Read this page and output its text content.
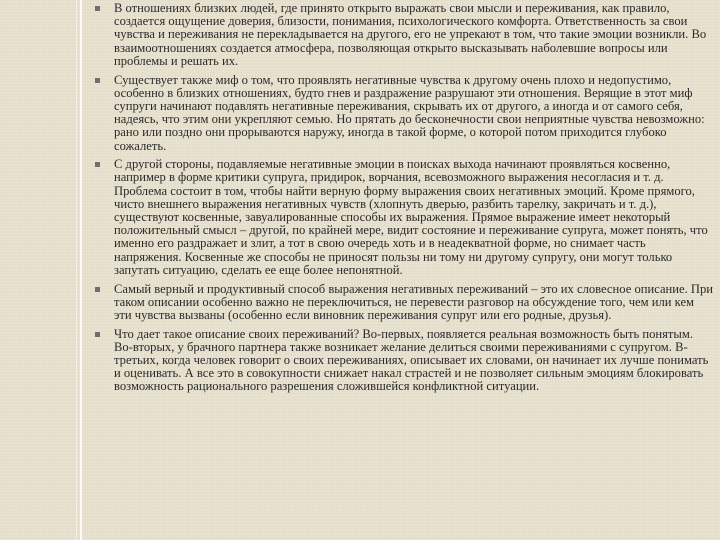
В отношениях близких людей, где принято открыто выражать свои мысли и переживания, как правило, создается ощущение доверия, близости, понимания, психологического комфорта. Ответственность за свои чувства и переживания не перекладывается на другого, его не упрекают в том, что такие эмоции возникли. Во взаимоотношениях создается атмосфера, позволяющая открыто высказывать наболевшие вопросы или проблемы и решать их.
Существует также миф о том, что проявлять негативные чувства к другому очень плохо и недопустимо, особенно в близких отношениях, будто гнев и раздражение разрушают эти отношения. Верящие в этот миф супруги начинают подавлять негативные переживания, скрывать их от другого, а иногда и от самого себя, надеясь, что этим они укрепляют семью. Но прятать до бесконечности свои неприятные чувства невозможно: рано или поздно они прорываются наружу, иногда в такой форме, о которой потом приходится глубоко сожалеть.
С другой стороны, подавляемые негативные эмоции в поисках выхода начинают проявляться косвенно, например в форме критики супруга, придирок, ворчания, всевозможного выражения несогласия и т. д. Проблема состоит в том, чтобы найти верную форму выражения своих негативных эмоций. Кроме прямого, чисто внешнего выражения негативных чувств (хлопнуть дверью, разбить тарелку, закричать и т. д.), существуют косвенные, завуалированные способы их выражения. Прямое выражение имеет некоторый положительный смысл – другой, по крайней мере, видит состояние и переживание супруга, может понять, что именно его раздражает и злит, а тот в свою очередь хоть и в неадекватной форме, но снимает часть напряжения. Косвенные же способы не приносят пользы ни тому ни другому супругу, они могут только запутать ситуацию, сделать ее еще более непонятной.
Самый верный и продуктивный способ выражения негативных переживаний – это их словесное описание. При таком описании особенно важно не переключиться, не перевести разговор на обсуждение того, чем или кем эти чувства вызваны (особенно если виновник переживания супруг или его родные, друзья).
Что дает такое описание своих переживаний? Во-первых, появляется реальная возможность быть понятым. Во-вторых, у брачного партнера также возникает желание делиться своими переживаниями с супругом. В-третьих, когда человек говорит о своих переживаниях, описывает их словами, он начинает их лучше понимать и оценивать. А все это в совокупности снижает накал страстей и не позволяет сильным эмоциям блокировать возможность рационального разрешения сложившейся конфликтной ситуации.
